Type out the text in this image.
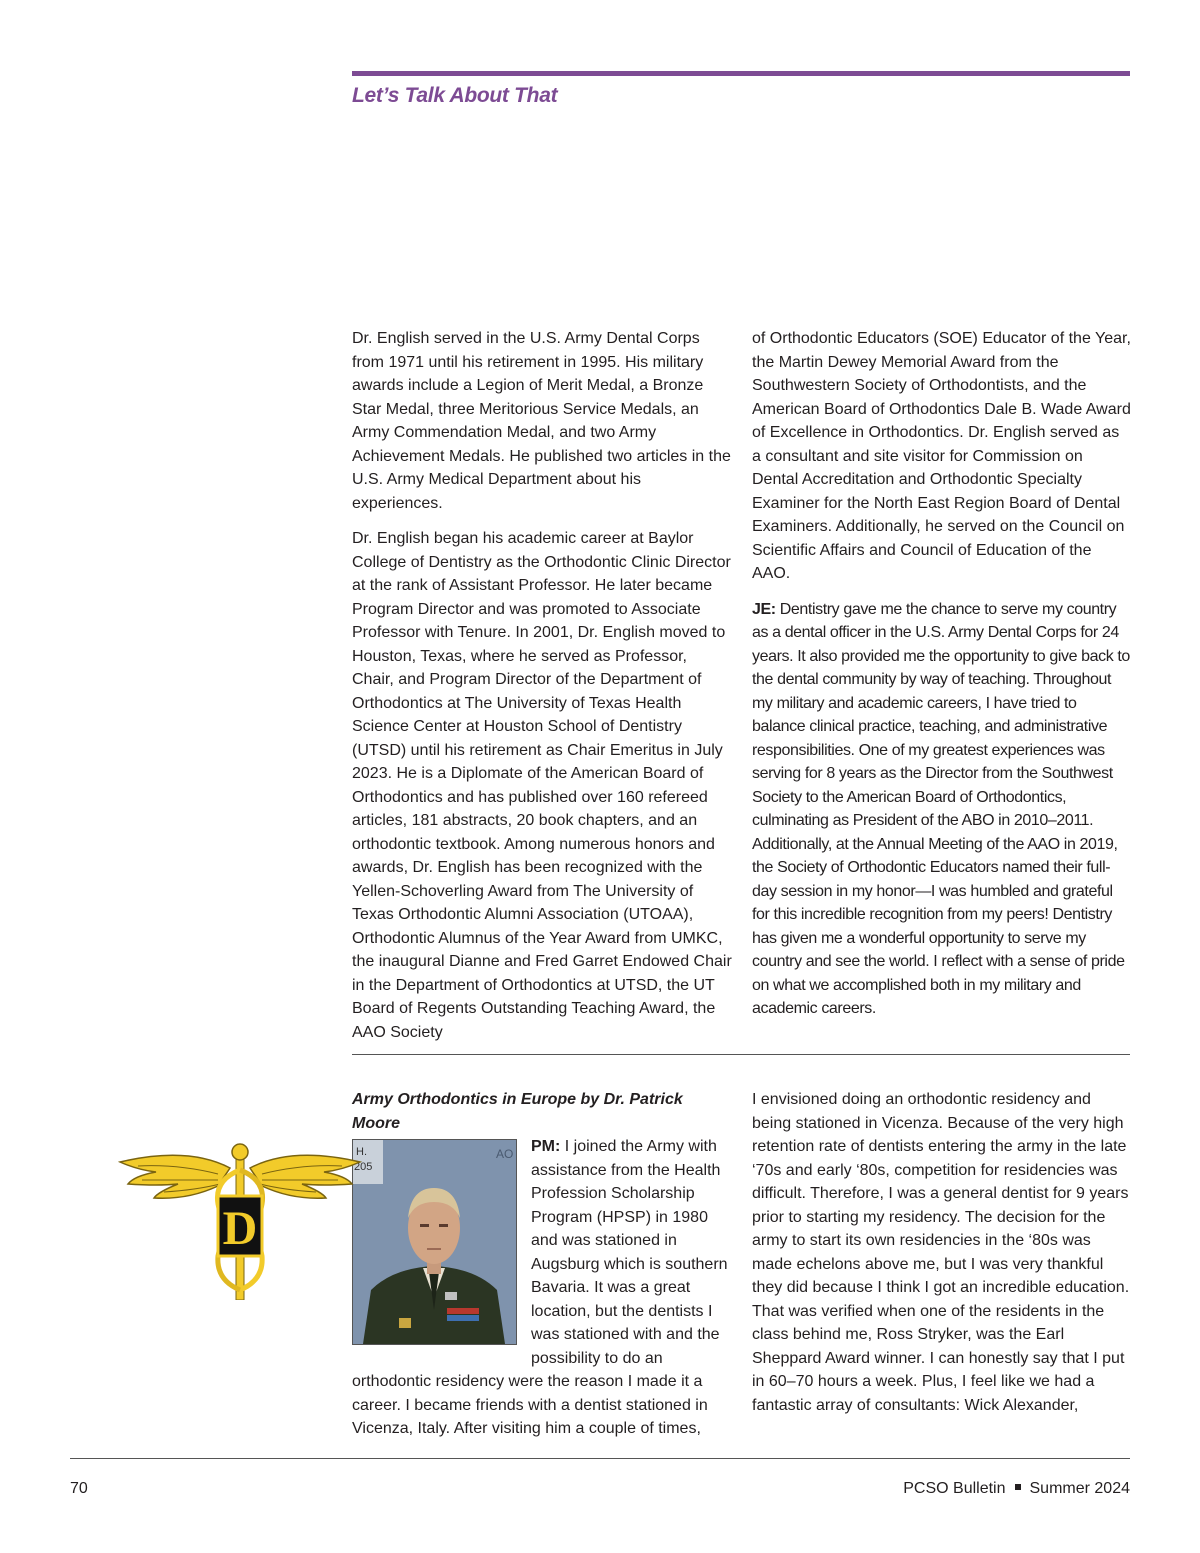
Let’s Talk About That

Dr. English served in the U.S. Army Dental Corps from 1971 until his retirement in 1995. His military awards include a Legion of Merit Medal, a Bronze Star Medal, three Meritorious Service Medals, an Army Commendation Medal, and two Army Achievement Medals. He published two articles in the U.S. Army Medical Department about his experiences.

Dr. English began his academic career at Baylor College of Dentistry as the Orthodontic Clinic Director at the rank of Assistant Professor. He later became Program Director and was promoted to Associate Professor with Tenure. In 2001, Dr. English moved to Houston, Texas, where he served as Professor, Chair, and Program Director of the Department of Orthodontics at The University of Texas Health Science Center at Houston School of Dentistry (UTSD) until his retirement as Chair Emeritus in July 2023. He is a Diplomate of the American Board of Orthodontics and has published over 160 refereed articles, 181 abstracts, 20 book chapters, and an orthodontic textbook. Among numerous honors and awards, Dr. English has been recognized with the Yellen-Schoverling Award from The University of Texas Orthodontic Alumni Association (UTOAA), Orthodontic Alumnus of the Year Award from UMKC, the inaugural Dianne and Fred Garret Endowed Chair in the Department of Orthodontics at UTSD, the UT Board of Regents Outstanding Teaching Award, the AAO Society

of Orthodontic Educators (SOE) Educator of the Year, the Martin Dewey Memorial Award from the Southwestern Society of Orthodontists, and the American Board of Orthodontics Dale B. Wade Award of Excellence in Orthodontics. Dr. English served as a consultant and site visitor for Commission on Dental Accreditation and Orthodontic Specialty Examiner for the North East Region Board of Dental Examiners. Additionally, he served on the Council on Scientific Affairs and Council of Education of the AAO.

JE: Dentistry gave me the chance to serve my country as a dental officer in the U.S. Army Dental Corps for 24 years. It also provided me the opportunity to give back to the dental community by way of teaching. Throughout my military and academic careers, I have tried to balance clinical practice, teaching, and administrative responsibilities. One of my greatest experiences was serving for 8 years as the Director from the Southwest Society to the American Board of Orthodontics, culminating as President of the ABO in 2010–2011. Additionally, at the Annual Meeting of the AAO in 2019, the Society of Orthodontic Educators named their full-day session in my honor—I was humbled and grateful for this incredible recognition from my peers! Dentistry has given me a wonderful opportunity to serve my country and see the world. I reflect with a sense of pride on what we accomplished both in my military and academic careers.

Army Orthodontics in Europe by Dr. Patrick Moore
H.
205
AO	PM: I joined the Army with assistance from the Health Profession Scholarship Program (HPSP) in 1980 and was stationed in Augsburg which is southern Bavaria. It was a great location, but the dentists I was stationed with and the possibility to do an orthodontic residency were the reason I made it a career. I became friends with a dentist stationed in Vicenza, Italy. After visiting him a couple of times,

I envisioned doing an orthodontic residency and being stationed in Vicenza. Because of the very high retention rate of dentists entering the army in the late ‘70s and early ‘80s, competition for residencies was difficult. Therefore, I was a general dentist for 9 years prior to starting my residency. The decision for the army to start its own residencies in the ‘80s was made echelons above me, but I was very thankful they did because I think I got an incredible education. That was verified when one of the residents in the class behind me, Ross Stryker, was the Earl Sheppard Award winner. I can honestly say that I put in 60–70 hours a week. Plus, I feel like we had a fantastic array of consultants: Wick Alexander,

D
70	PCSO Bulletin Summer 2024
